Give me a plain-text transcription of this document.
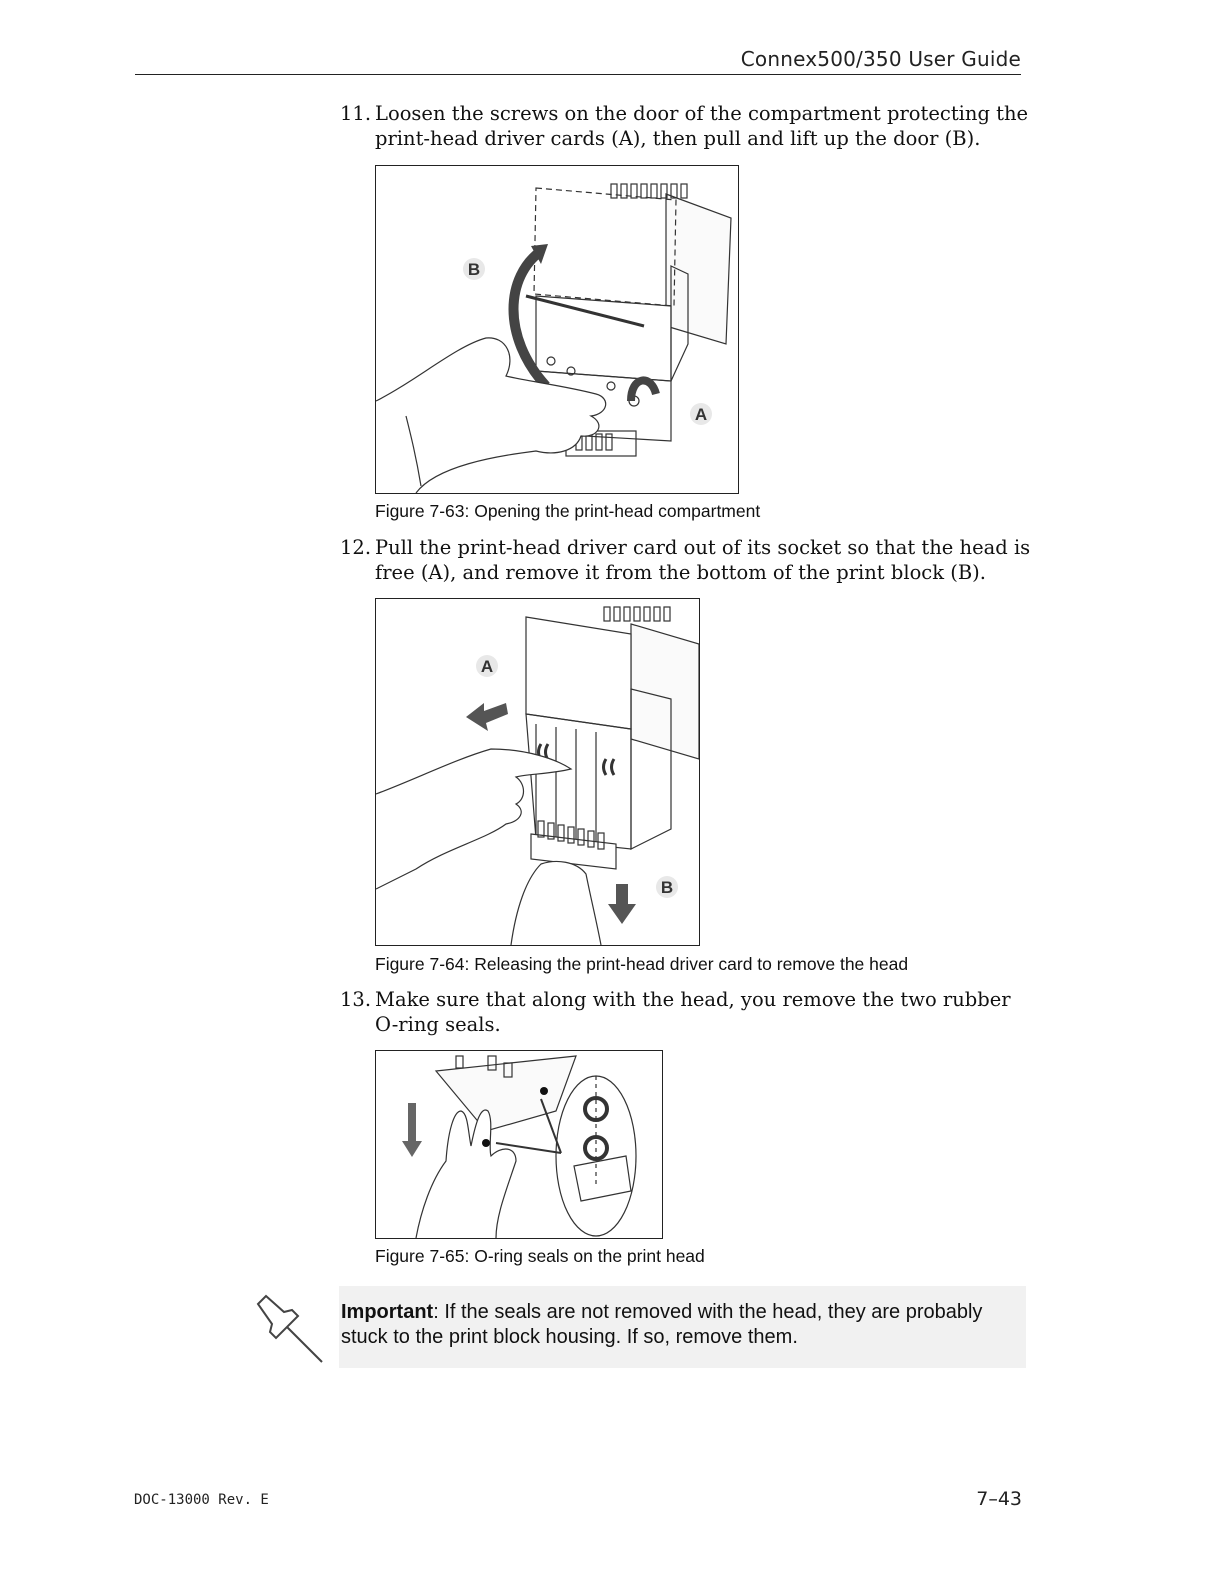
Connex500/350 User Guide
11. Loosen the screws on the door of the compartment protecting the print-head driver cards (A), then pull and lift up the door (B).
B
A
Figure 7-63: Opening the print-head compartment
12. Pull the print-head driver card out of its socket so that the head is free (A), and remove it from the bottom of the print block (B).
A
B
Figure 7-64: Releasing the print-head driver card to remove the head
13. Make sure that along with the head, you remove the two rubber O-ring seals.
Figure 7-65: O-ring seals on the print head
Important: If the seals are not removed with the head, they are probably stuck to the print block housing. If so, remove them.
DOC-13000 Rev. E	7–43
